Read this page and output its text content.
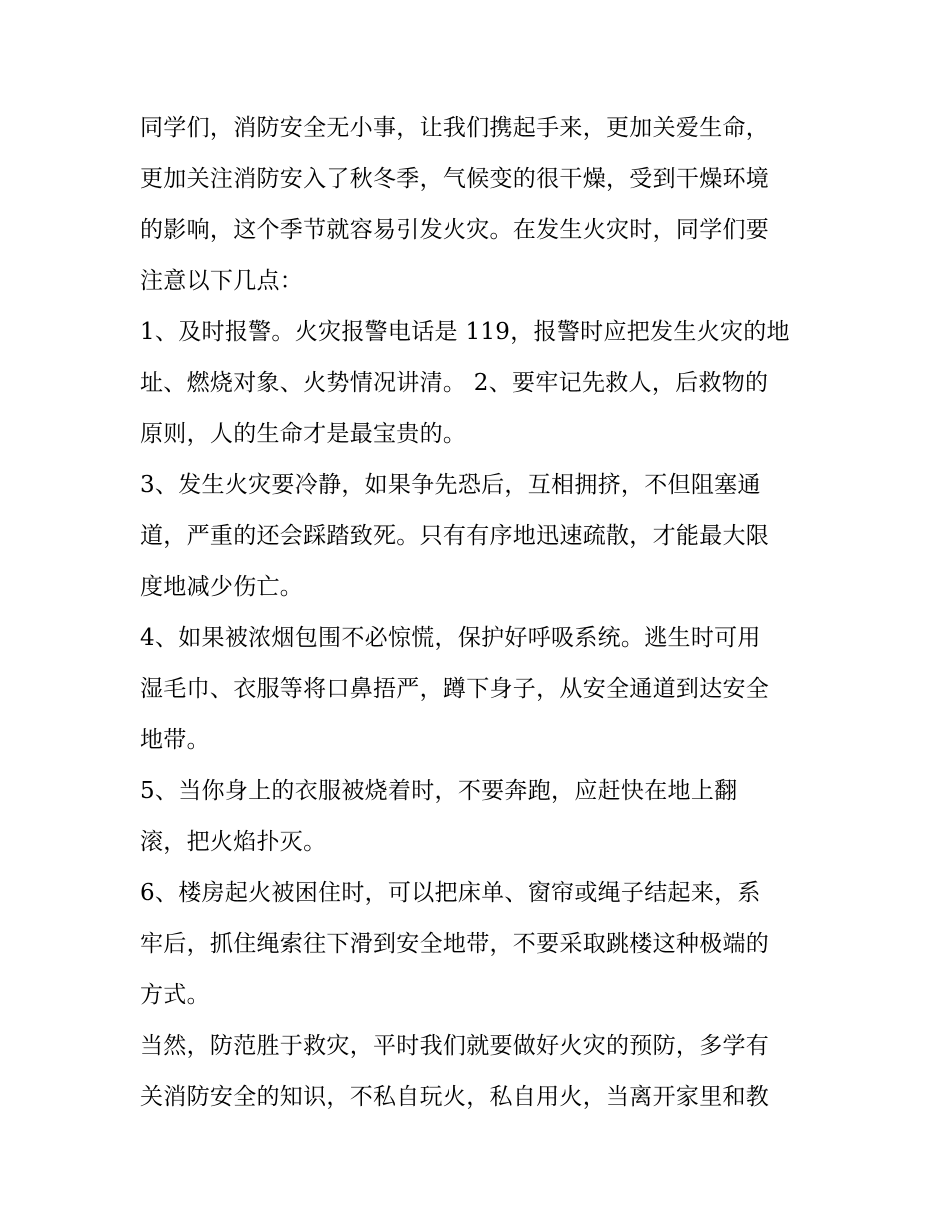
同学们，消防安全无小事，让我们携起手来，更加关爱生命，
更加关注消防安入了秋冬季，气候变的很干燥，受到干燥环境
的影响，这个季节就容易引发火灾。在发生火灾时，同学们要
注意以下几点：

1、及时报警。火灾报警电话是 119，报警时应把发生火灾的地
址、燃烧对象、火势情况讲清。 2、要牢记先救人，后救物的
原则，人的生命才是最宝贵的。

3、发生火灾要冷静，如果争先恐后，互相拥挤，不但阻塞通
道，严重的还会踩踏致死。只有有序地迅速疏散，才能最大限
度地减少伤亡。

4、如果被浓烟包围不必惊慌，保护好呼吸系统。逃生时可用
湿毛巾、衣服等将口鼻捂严，蹲下身子，从安全通道到达安全
地带。

5、当你身上的衣服被烧着时，不要奔跑，应赶快在地上翻
滚，把火焰扑灭。

6、楼房起火被困住时，可以把床单、窗帘或绳子结起来，系
牢后，抓住绳索往下滑到安全地带，不要采取跳楼这种极端的
方式。

当然，防范胜于救灾，平时我们就要做好火灾的预防，多学有
关消防安全的知识，不私自玩火，私自用火，当离开家里和教
